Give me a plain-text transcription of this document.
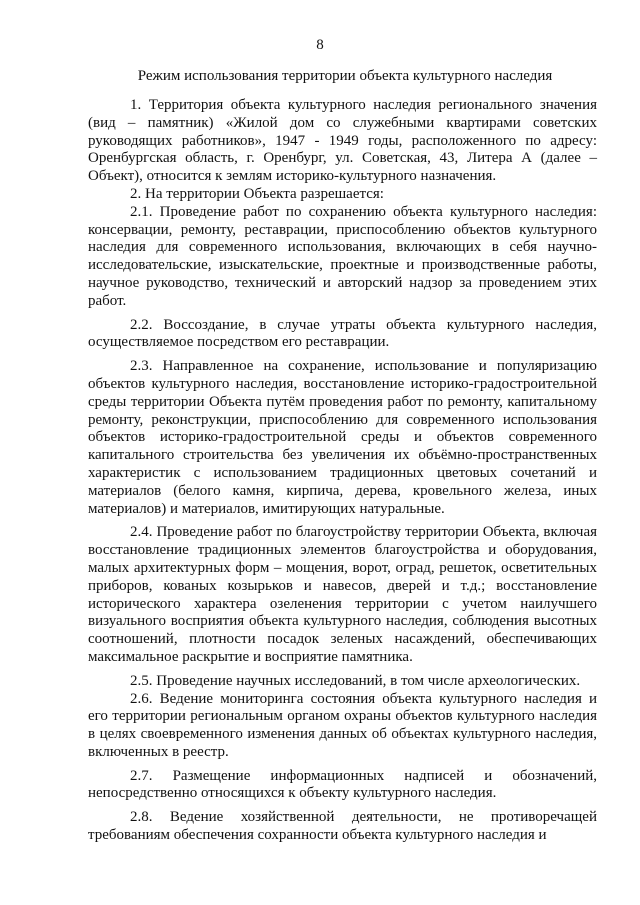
8
Режим использования территории объекта культурного наследия

1. Территория объекта культурного наследия регионального значения (вид – памятник) «Жилой дом со служебными квартирами советских руководящих работников», 1947 - 1949 годы, расположенного по адресу: Оренбургская область, г. Оренбург, ул. Советская, 43, Литера А (далее – Объект), относится к землям историко-культурного назначения.

2. На территории Объекта разрешается:

2.1. Проведение работ по сохранению объекта культурного наследия: консервации, ремонту, реставрации, приспособлению объектов культурного наследия для современного использования, включающих в себя научно-исследовательские, изыскательские, проектные и производственные работы, научное руководство, технический и авторский надзор за проведением этих работ.

2.2. Воссоздание, в случае утраты объекта культурного наследия, осуществляемое посредством его реставрации.

2.3. Направленное на сохранение, использование и популяризацию объектов культурного наследия, восстановление историко-градостроительной среды территории Объекта путём проведения работ по ремонту, капитальному ремонту, реконструкции, приспособлению для современного использования объектов историко-градостроительной среды и объектов современного капитального строительства без увеличения их объёмно-пространственных характеристик с использованием традиционных цветовых сочетаний и материалов (белого камня, кирпича, дерева, кровельного железа, иных материалов) и материалов, имитирующих натуральные.

2.4. Проведение работ по благоустройству территории Объекта, включая восстановление традиционных элементов благоустройства и оборудования, малых архитектурных форм – мощения, ворот, оград, решеток, осветительных приборов, кованых козырьков и навесов, дверей и т.д.; восстановление исторического характера озеленения территории с учетом наилучшего визуального восприятия объекта культурного наследия, соблюдения высотных соотношений, плотности посадок зеленых насаждений, обеспечивающих максимальное раскрытие и восприятие памятника.

2.5. Проведение научных исследований, в том числе археологических.

2.6. Ведение мониторинга состояния объекта культурного наследия и его территории региональным органом охраны объектов культурного наследия в целях своевременного изменения данных об объектах культурного наследия, включенных в реестр.

2.7. Размещение информационных надписей и обозначений, непосредственно относящихся к объекту культурного наследия.

2.8. Ведение хозяйственной деятельности, не противоречащей требованиям обеспечения сохранности объекта культурного наследия и
